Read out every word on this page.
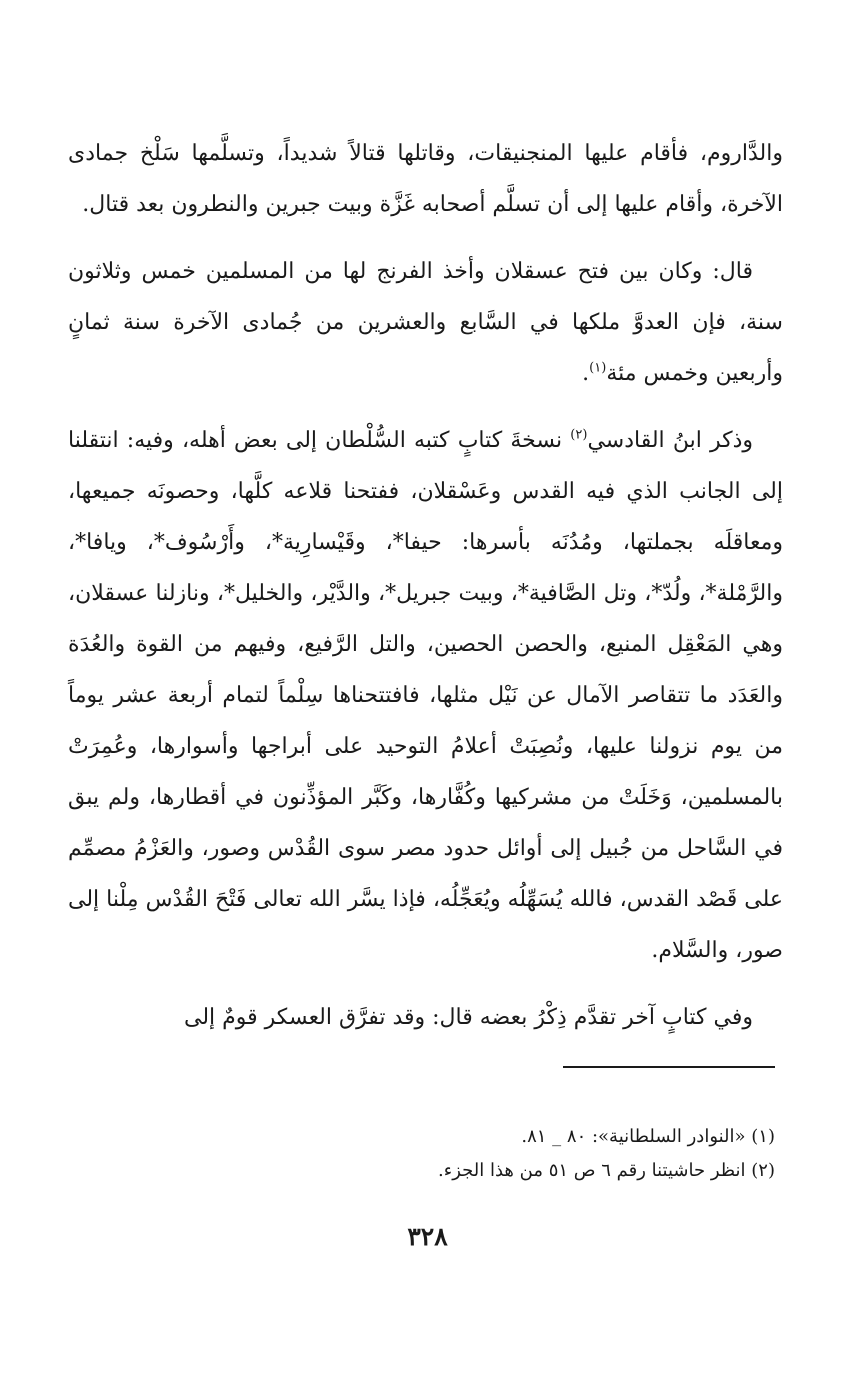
والدَّاروم، فأقام عليها المنجنيقات، وقاتلها قتالاً شديداً، وتسلَّمها سَلْخ جمادى الآخرة، وأقام عليها إلى أن تسلَّم أصحابه غَزَّة وبيت جبرين والنطرون بعد قتال.

قال: وكان بين فتح عسقلان وأخذ الفرنج لها من المسلمين خمس وثلاثون سنة، فإن العدوَّ ملكها في السَّابع والعشرين من جُمادى الآخرة سنة ثمانٍ وأربعين وخمس مئة$^{(١)}$.

وذكر ابنُ القادسي$^{(٢)}$ نسخةَ كتابٍ كتبه السُّلْطان إلى بعض أهله، وفيه: انتقلنا إلى الجانب الذي فيه القدس وعَسْقلان، ففتحنا قلاعه كلَّها، وحصونَه جميعها، ومعاقلَه بجملتها، ومُدُنَه بأسرها: حيفا*، وقَيْسارِية*، وأَرْسُوف*، ويافا*، والرَّمْلة*، ولُدّ*، وتل الصَّافية*، وبيت جبريل*، والدَّيْر، والخليل*، ونازلنا عسقلان، وهي المَعْقِل المنيع، والحصن الحصين، والتل الرَّفيع، وفيهم من القوة والعُدَة والعَدَد ما تتقاصر الآمال عن نَيْل مثلها، فافتتحناها سِلْماً لتمام أربعة عشر يوماً من يوم نزولنا عليها، ونُصِبَتْ أعلامُ التوحيد على أبراجها وأسوارها، وعُمِرَتْ بالمسلمين، وَخَلَتْ من مشركيها وكُفَّارها، وكَبَّر المؤذِّنون في أقطارها، ولم يبق في السَّاحل من جُبيل إلى أوائل حدود مصر سوى القُدْس وصور، والعَزْمُ مصمِّم على قَصْد القدس، فالله يُسَهِّلُه ويُعَجِّلُه، فإذا يسَّر الله تعالى فَتْحَ القُدْس مِلْنا إلى صور، والسَّلام.

وفي كتابٍ آخر تقدَّم ذِكْرُ بعضه قال: وقد تفرَّق العسكر قومٌ إلى

(١) «النوادر السلطانية»: ٨٠ _ ٨١.
(٢) انظر حاشيتنا رقم ٦ ص ٥١ من هذا الجزء.
٣٢٨
